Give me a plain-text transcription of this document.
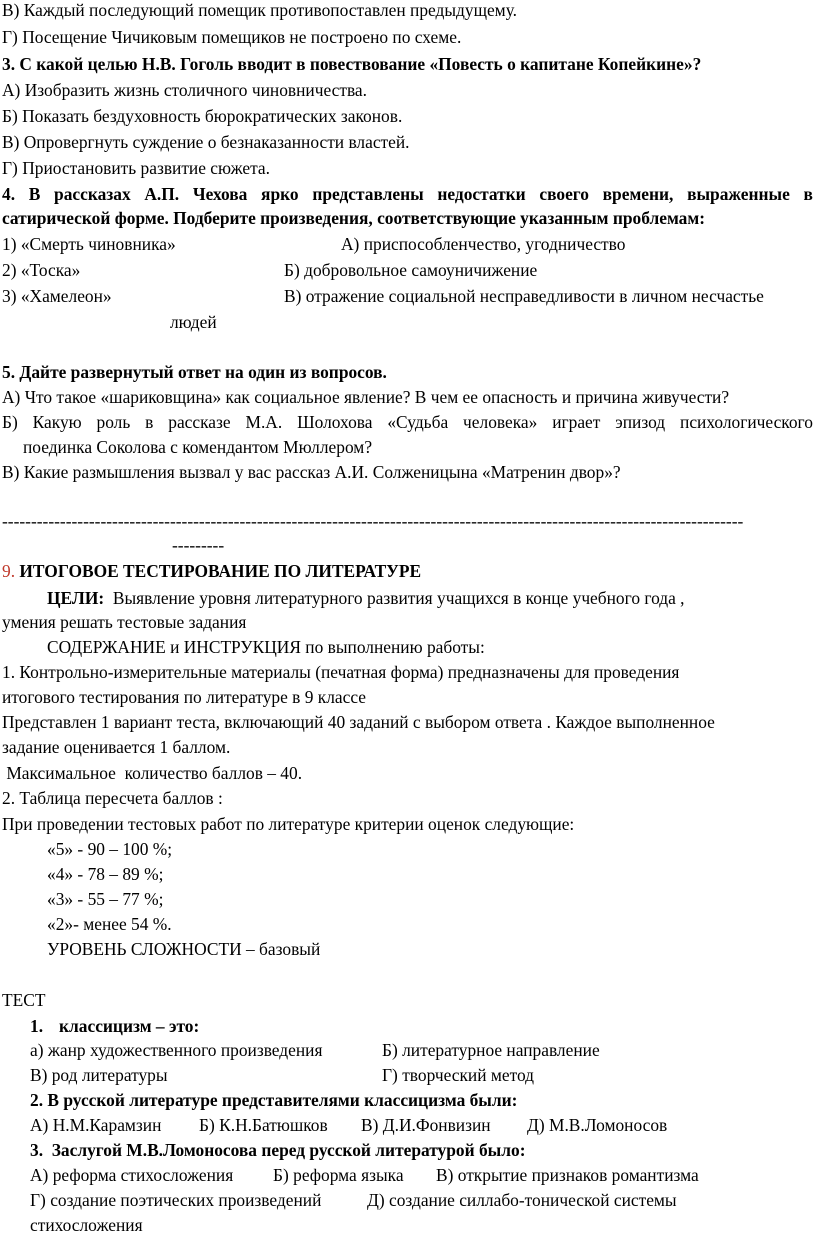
В) Каждый последующий помещик противопоставлен предыдущему.
Г) Посещение Чичиковым помещиков не построено по схеме.
3. С какой целью Н.В. Гоголь вводит в повествование «Повесть о капитане Копейкине»?
А) Изобразить жизнь столичного чиновничества.
Б) Показать бездуховность бюрократических законов.
В) Опровергнуть суждение о безнаказанности властей.
Г) Приостановить развитие сюжета.
4. В рассказах А.П. Чехова ярко представлены недостатки своего времени, выраженные в
сатирической форме. Подберите произведения, соответствующие указанным проблемам:
1) «Смерть чиновника»	А) приспособленчество, угодничество
2) «Тоска»	Б) добровольное самоуничижение
3) «Хамелеон»	В) отражение социальной несправедливости в личном несчастье
людей
5. Дайте развернутый ответ на один из вопросов.
А) Что такое «шариковщина» как социальное явление? В чем ее опасность и причина живучести?
Б) Какую роль в рассказе М.А. Шолохова «Судьба человека» играет эпизод психологического
поединка Соколова с комендантом Мюллером?
В) Какие размышления вызвал у вас рассказ А.И. Солженицына «Матренин двор»?
--------------------------------------------------------------------------------------------------------------------------------
---------
9. ИТОГОВОЕ ТЕСТИРОВАНИЕ ПО ЛИТЕРАТУРЕ
ЦЕЛИ:  Выявление уровня литературного развития учащихся в конце учебного года ,
умения решать тестовые задания
СОДЕРЖАНИЕ и ИНСТРУКЦИЯ по выполнению работы:
1. Контрольно-измерительные материалы (печатная форма) предназначены для проведения
итогового тестирования по литературе в 9 классе
Представлен 1 вариант теста, включающий 40 заданий с выбором ответа . Каждое выполненное
задание оценивается 1 баллом.
Максимальное  количество баллов – 40.
2. Таблица пересчета баллов :
При проведении тестовых работ по литературе критерии оценок следующие:
«5» - 90 – 100 %;
«4» - 78 – 89 %;
«3» - 55 – 77 %;
«2»- менее 54 %.
УРОВЕНЬ СЛОЖНОСТИ – базовый
ТЕСТ
1. классицизм – это:
а) жанр художественного произведения	Б) литературное направление
В) род литературы	Г) творческий метод
2. В русской литературе представителями классицизма были:
А) Н.М.Карамзин Б) К.Н.Батюшков В) Д.И.Фонвизин Д) М.В.Ломоносов
3.  Заслугой М.В.Ломоносова перед русской литературой было:
А) реформа стихосложения Б) реформа языка В) открытие признаков романтизма
Г) создание поэтических произведений	Д) создание силлабо-тонической системы
стихосложения
